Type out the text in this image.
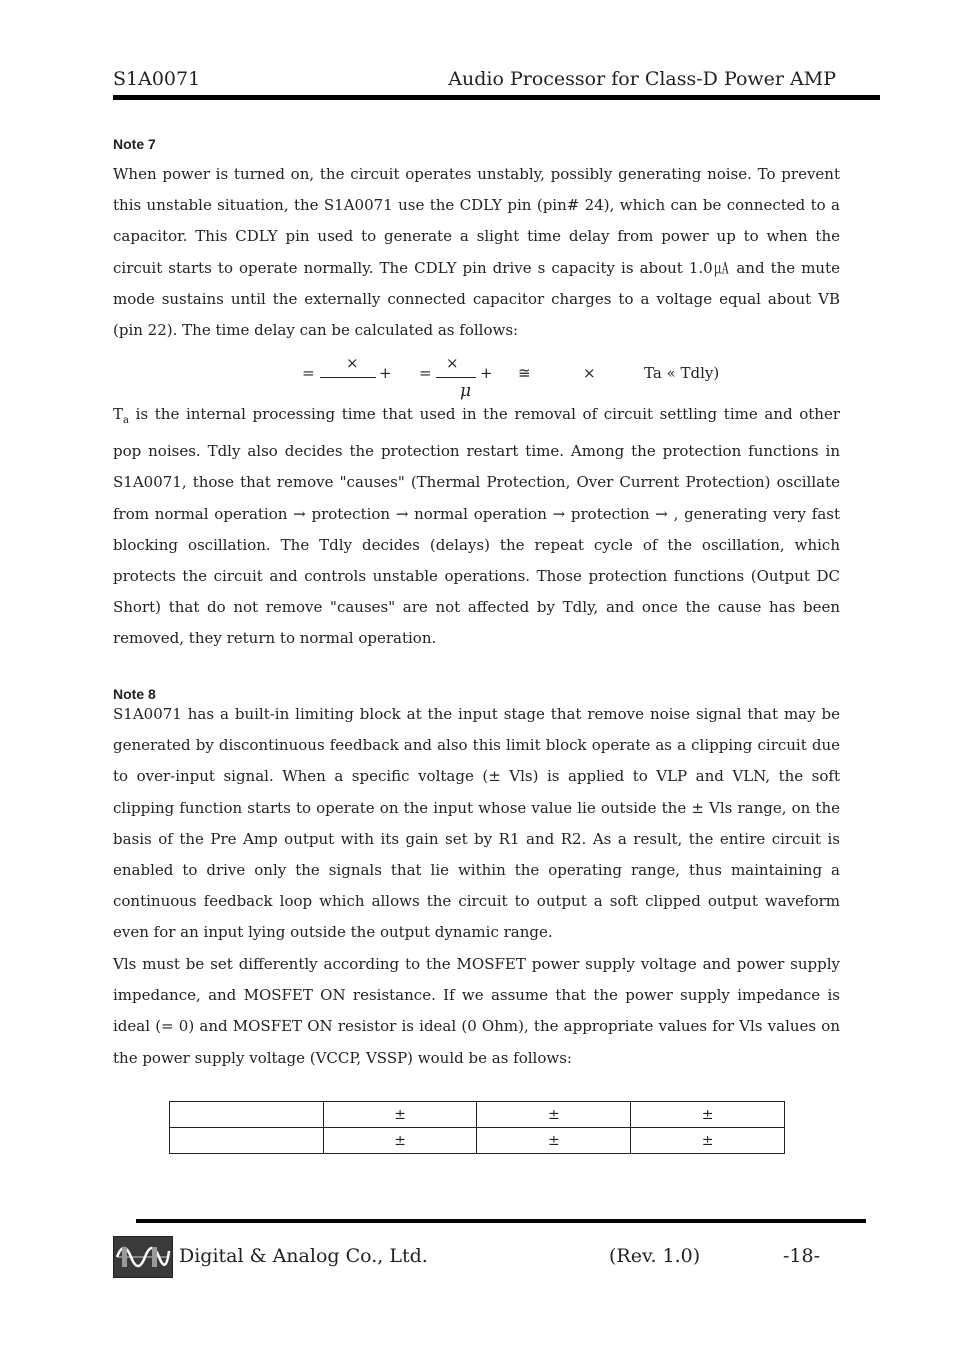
S1A0071	Audio Processor for Class-D Power AMP
Note 7
When power is turned on, the circuit operates unstably, possibly generating noise. To prevent this unstable situation, the S1A0071 use the CDLY pin (pin# 24), which can be connected to a capacitor. This CDLY pin used to generate a slight time delay from power up to when the circuit starts to operate normally. The CDLY pin drive s capacity is about 1.0㎂ and the mute mode sustains until the externally connected capacitor charges to a voltage equal about VB (pin 22). The time delay can be calculated as follows:
=
×
+ =
×
μ
+ ≅	×	Ta « Tdly)
$T_a$ is the internal processing time that used in the removal of circuit settling time and other pop noises. Tdly also decides the protection restart time. Among the protection functions in S1A0071, those that remove "causes" (Thermal Protection, Over Current Protection) oscillate from normal operation → protection → normal operation → protection → , generating very fast blocking oscillation. The Tdly decides (delays) the repeat cycle of the oscillation, which protects the circuit and controls unstable operations. Those protection functions (Output DC Short) that do not remove "causes" are not affected by Tdly, and once the cause has been removed, they return to normal operation.
Note 8
S1A0071 has a built-in limiting block at the input stage that remove noise signal that may be generated by discontinuous feedback and also this limit block operate as a clipping circuit due to over-input signal. When a specific voltage (± Vls) is applied to VLP and VLN, the soft clipping function starts to operate on the input whose value lie outside the ± Vls range, on the basis of the Pre Amp output with its gain set by R1 and R2. As a result, the entire circuit is enabled to drive only the signals that lie within the operating range, thus maintaining a continuous feedback loop which allows the circuit to output a soft clipped output waveform even for an input lying outside the output dynamic range.
Vls must be set differently according to the MOSFET power supply voltage and power supply impedance, and MOSFET ON resistance. If we assume that the power supply impedance is ideal (= 0) and MOSFET ON resistor is ideal (0 Ohm), the appropriate values for Vls values on the power supply voltage (VCCP, VSSP) would be as follows:
	±	±	±
	±	±	±
Digital & Analog Co., Ltd.	(Rev. 1.0)	-18-
